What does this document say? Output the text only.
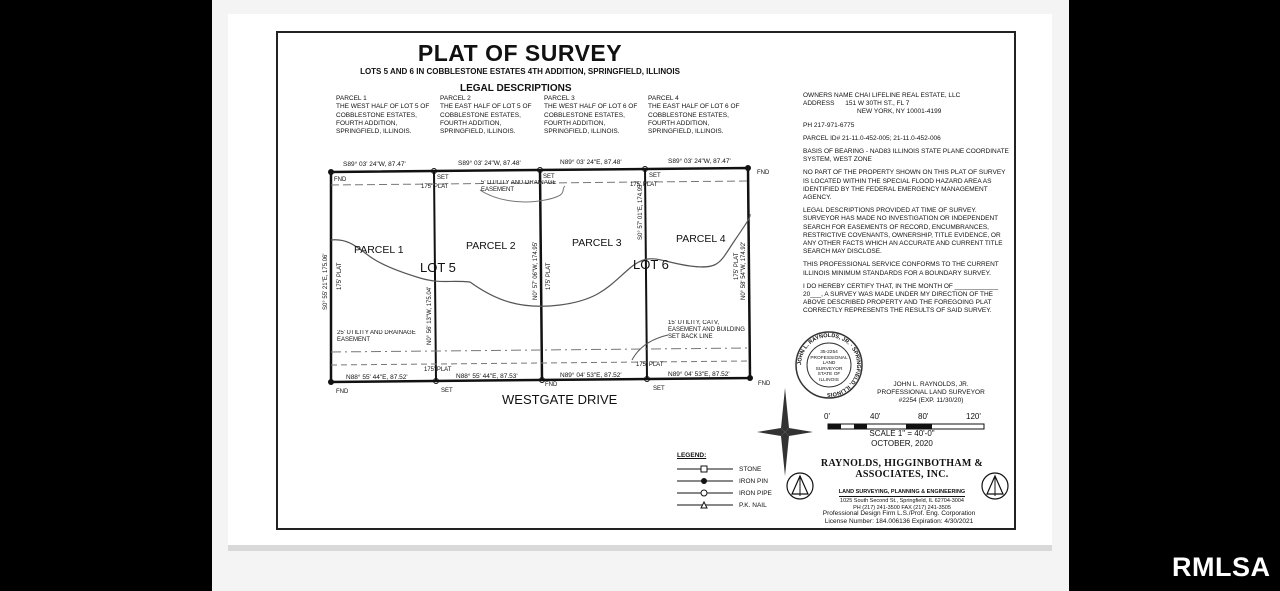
PLAT OF SURVEY
LOTS 5 AND 6 IN COBBLESTONE ESTATES 4TH ADDITION, SPRINGFIELD, ILLINOIS
LEGAL DESCRIPTIONS
PARCEL 1
THE WEST HALF OF LOT 5 OF COBBLESTONE ESTATES, FOURTH ADDITION, SPRINGFIELD, ILLINOIS.
PARCEL 2
THE EAST HALF OF LOT 5 OF COBBLESTONE ESTATES, FOURTH ADDITION, SPRINGFIELD, ILLINOIS.
PARCEL 3
THE WEST HALF OF LOT 6 OF COBBLESTONE ESTATES, FOURTH ADDITION, SPRINGFIELD, ILLINOIS.
PARCEL 4
THE EAST HALF OF LOT 6 OF COBBLESTONE ESTATES, FOURTH ADDITION, SPRINGFIELD, ILLINOIS.

OWNERS NAME CHAI LIFELINE REAL ESTATE, LLC
ADDRESS 151 W 30TH ST., FL 7
NEW YORK, NY 10001-4199

PH 217-971-6775

PARCEL ID# 21-11.0-452-005; 21-11.0-452-006

BASIS OF BEARING - NAD83 ILLINOIS STATE PLANE COORDINATE SYSTEM, WEST ZONE

NO PART OF THE PROPERTY SHOWN ON THIS PLAT OF SURVEY IS LOCATED WITHIN THE SPECIAL FLOOD HAZARD AREA AS IDENTIFIED BY THE FEDERAL EMERGENCY MANAGEMENT AGENCY.

LEGAL DESCRIPTIONS PROVIDED AT TIME OF SURVEY. SURVEYOR HAS MADE NO INVESTIGATION OR INDEPENDENT SEARCH FOR EASEMENTS OF RECORD, ENCUMBRANCES, RESTRICTIVE COVENANTS, OWNERSHIP, TITLE EVIDENCE, OR ANY OTHER FACTS WHICH AN ACCURATE AND CURRENT TITLE SEARCH MAY DISCLOSE.

THIS PROFESSIONAL SERVICE CONFORMS TO THE CURRENT ILLINOIS MINIMUM STANDARDS FOR A BOUNDARY SURVEY.

I DO HEREBY CERTIFY THAT, IN THE MONTH OF ____________ 20___, A SURVEY WAS MADE UNDER MY DIRECTION OF THE ABOVE DESCRIBED PROPERTY AND THE FOREGOING PLAT CORRECTLY REPRESENTS THE RESULTS OF SAID SURVEY.

S89° 03' 24"W, 87.47'	S89° 03' 24"W, 87.48'	N89° 03' 24"E, 87.48'	S89° 03' 24"W, 87.47'
N88° 55' 44"E, 87.52'	N88° 55' 44"E, 87.53'	N89° 04' 53"E, 87.52'	N89° 04' 53"E, 87.52'
S0° 55' 21"E, 175.06'
N0° 56' 13"W, 175.04'
N0° 57' 06"W, 174.95'
S0° 57' 01"E, 174.95'
N0° 58' 54"W, 174.92'
175' PLAT	175' PLAT	175' PLAT
175' PLAT	175' PLAT
175' PLAT
175' PLAT
FND
FND
FND
FND
FND
SET	SET	SET
SET	SET
PARCEL 1	PARCEL 2	PARCEL 3	PARCEL 4
LOT 5	LOT 6
5' UTILITY AND DRAINAGE EASEMENT
25' UTILITY AND DRAINAGE EASEMENT
15' UTILITY, CATV, EASEMENT AND BUILDING SET BACK LINE
WESTGATE DRIVE
JOHN L. RAYNOLDS, JR. · SPRINGFIELD, ILLINOIS
35-2254 PROFESSIONAL LAND SURVEYOR STATE OF ILLINOIS
0'	40'	80'	120'
JOHN L. RAYNOLDS, JR.
PROFESSIONAL LAND SURVEYOR
#2254 (EXP. 11/30/20)
SCALE 1" = 40'-0"
OCTOBER, 2020
LEGEND:
STONE
IRON PIN
IRON PIPE
P.K. NAIL
RAYNOLDS, HIGGINBOTHAM & ASSOCIATES, INC.
LAND SURVEYING, PLANNING & ENGINEERING
1025 South Second St., Springfield, IL 62704-3004
PH (217) 241-3500 FAX (217) 241-3505
Professional Design Firm L.S./Prof. Eng. Corporation
License Number: 184.006136 Expiration: 4/30/2021
RMLSA
